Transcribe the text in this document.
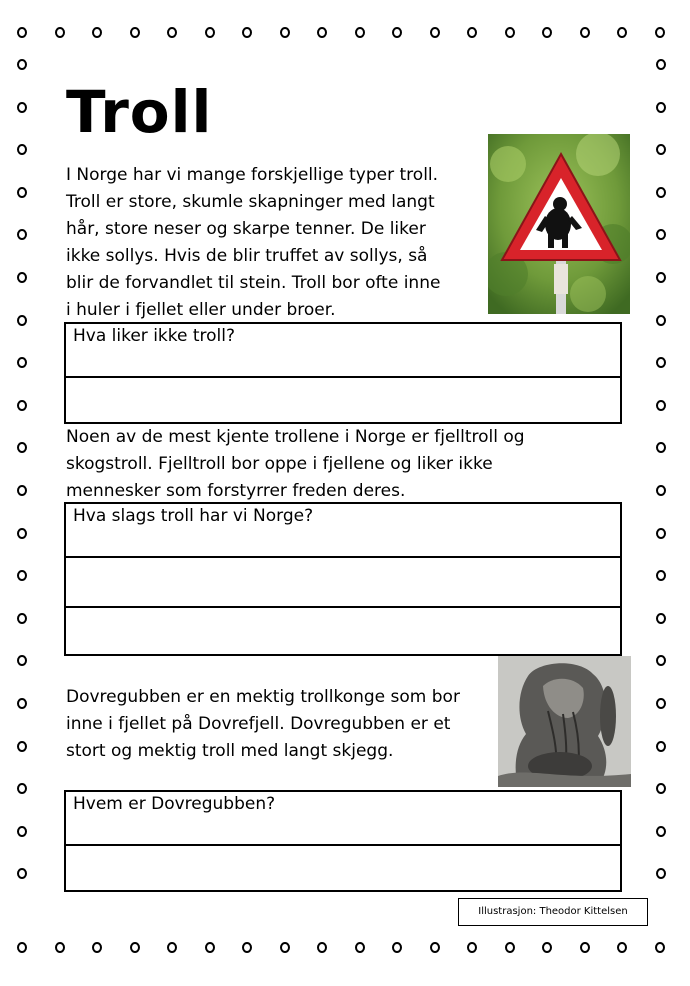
Troll

I Norge har vi mange forskjellige typer troll.
Troll er store, skumle skapninger med langt
hår, store neser og skarpe tenner. De liker
ikke sollys. Hvis de blir truffet av sollys, så
blir de forvandlet til stein. Troll bor ofte inne
i huler i fjellet eller under broer.

Hva liker ikke troll?

Noen av de mest kjente trollene i Norge er fjelltroll og
skogstroll. Fjelltroll bor oppe i fjellene og liker ikke
mennesker som forstyrrer freden deres.

Hva slags troll har vi Norge?

Dovregubben er en mektig trollkonge som bor
inne i fjellet på Dovrefjell. Dovregubben er et
stort og mektig troll med langt skjegg.

Hvem er Dovregubben?
Illustrasjon: Theodor Kittelsen
